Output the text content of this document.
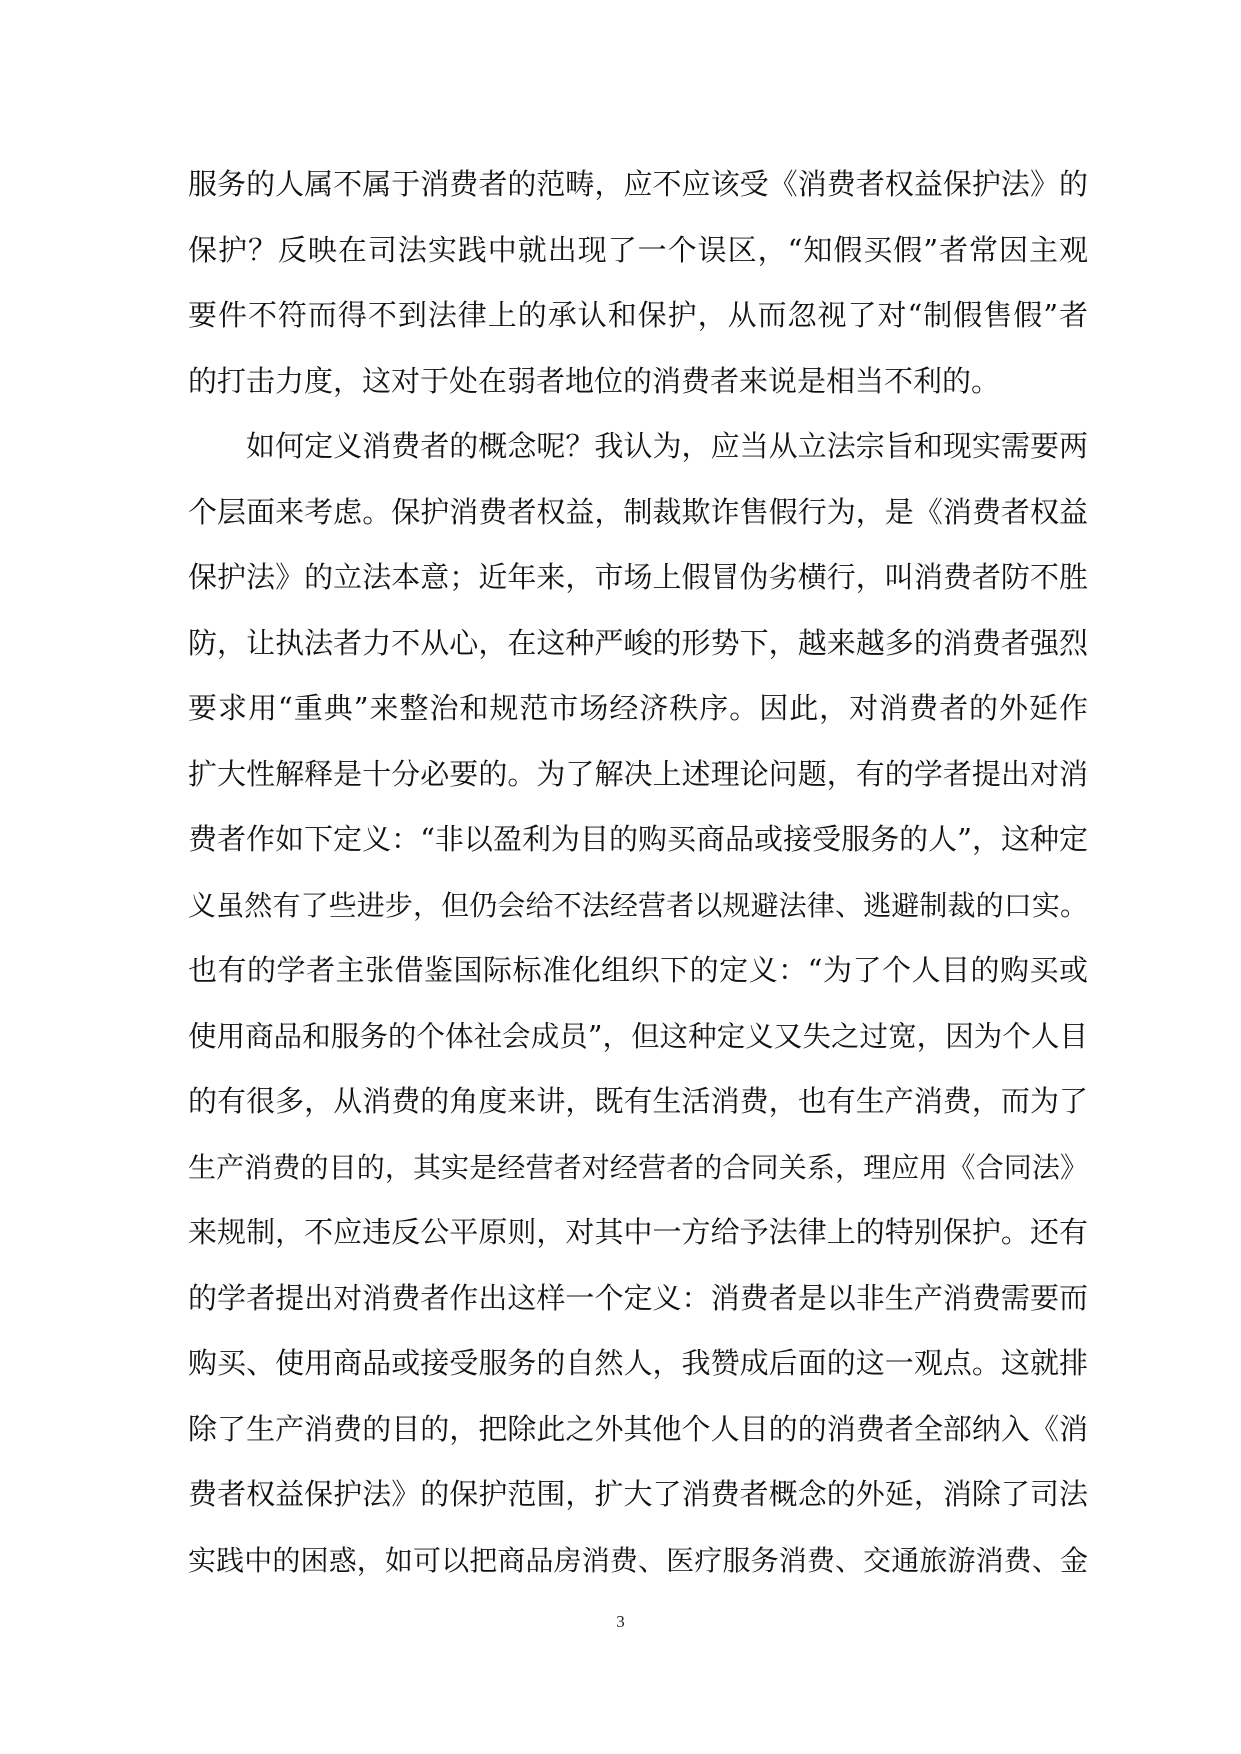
服务的人属不属于消费者的范畴，应不应该受《消费者权益保护法》的
保护？反映在司法实践中就出现了一个误区，“知假买假”者常因主观
要件不符而得不到法律上的承认和保护，从而忽视了对“制假售假”者
的打击力度，这对于处在弱者地位的消费者来说是相当不利的。
如何定义消费者的概念呢？我认为，应当从立法宗旨和现实需要两
个层面来考虑。保护消费者权益，制裁欺诈售假行为，是《消费者权益
保护法》的立法本意；近年来，市场上假冒伪劣横行，叫消费者防不胜
防，让执法者力不从心，在这种严峻的形势下，越来越多的消费者强烈
要求用“重典”来整治和规范市场经济秩序。因此，对消费者的外延作
扩大性解释是十分必要的。为了解决上述理论问题，有的学者提出对消
费者作如下定义：“非以盈利为目的购买商品或接受服务的人”，这种定
义虽然有了些进步，但仍会给不法经营者以规避法律、逃避制裁的口实。
也有的学者主张借鉴国际标准化组织下的定义：“为了个人目的购买或
使用商品和服务的个体社会成员”，但这种定义又失之过宽，因为个人目
的有很多，从消费的角度来讲，既有生活消费，也有生产消费，而为了
生产消费的目的，其实是经营者对经营者的合同关系，理应用《合同法》
来规制，不应违反公平原则，对其中一方给予法律上的特别保护。还有
的学者提出对消费者作出这样一个定义：消费者是以非生产消费需要而
购买、使用商品或接受服务的自然人，我赞成后面的这一观点。这就排
除了生产消费的目的，把除此之外其他个人目的的消费者全部纳入《消
费者权益保护法》的保护范围，扩大了消费者概念的外延，消除了司法
实践中的困惑，如可以把商品房消费、医疗服务消费、交通旅游消费、金
3
